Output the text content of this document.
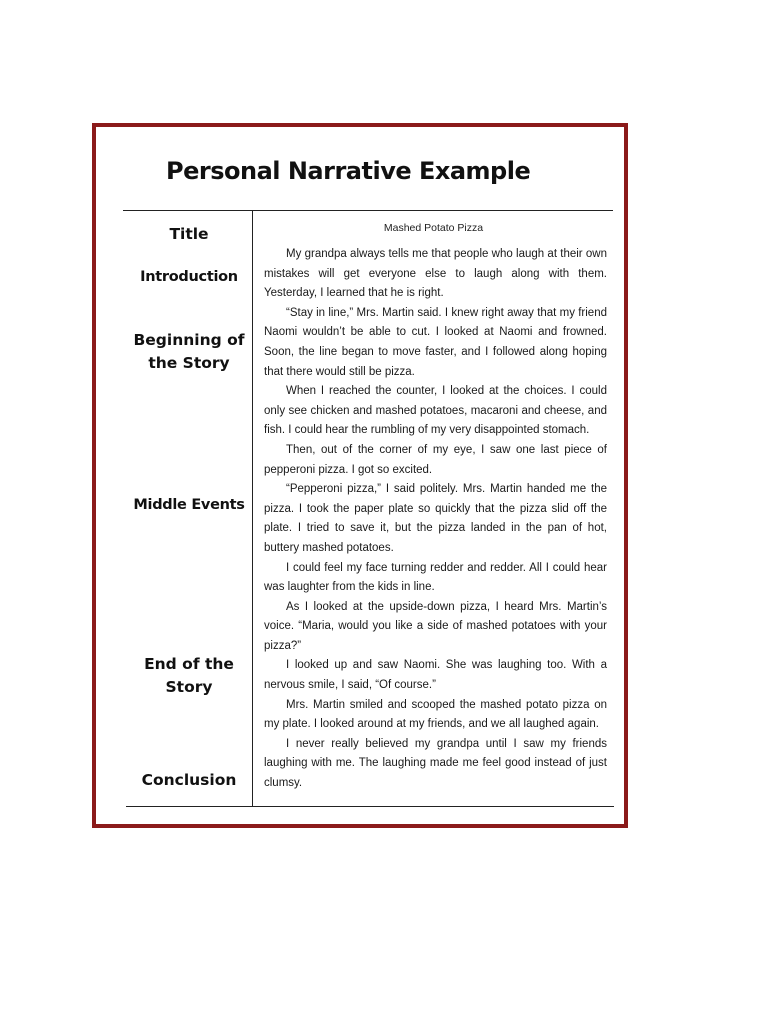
Personal Narrative Example
Title
Introduction
Beginning of the Story
Middle Events
End of the Story
Conclusion
Mashed Potato Pizza

My grandpa always tells me that people who laugh at their own mistakes will get everyone else to laugh along with them. Yesterday, I learned that he is right.

“Stay in line,” Mrs. Martin said. I knew right away that my friend Naomi wouldn’t be able to cut. I looked at Naomi and frowned. Soon, the line began to move faster, and I followed along hoping that there would still be pizza.

When I reached the counter, I looked at the choices. I could only see chicken and mashed potatoes, macaroni and cheese, and fish. I could hear the rumbling of my very disappointed stomach.

Then, out of the corner of my eye, I saw one last piece of pepperoni pizza. I got so excited.

“Pepperoni pizza,” I said politely. Mrs. Martin handed me the pizza. I took the paper plate so quickly that the pizza slid off the plate. I tried to save it, but the pizza landed in the pan of hot, buttery mashed potatoes.

I could feel my face turning redder and redder. All I could hear was laughter from the kids in line.

As I looked at the upside-down pizza, I heard Mrs. Martin’s voice. “Maria, would you like a side of mashed potatoes with your pizza?”

I looked up and saw Naomi. She was laughing too. With a nervous smile, I said, “Of course.”

Mrs. Martin smiled and scooped the mashed potato pizza on my plate. I looked around at my friends, and we all laughed again.

I never really believed my grandpa until I saw my friends laughing with me. The laughing made me feel good instead of just clumsy.
